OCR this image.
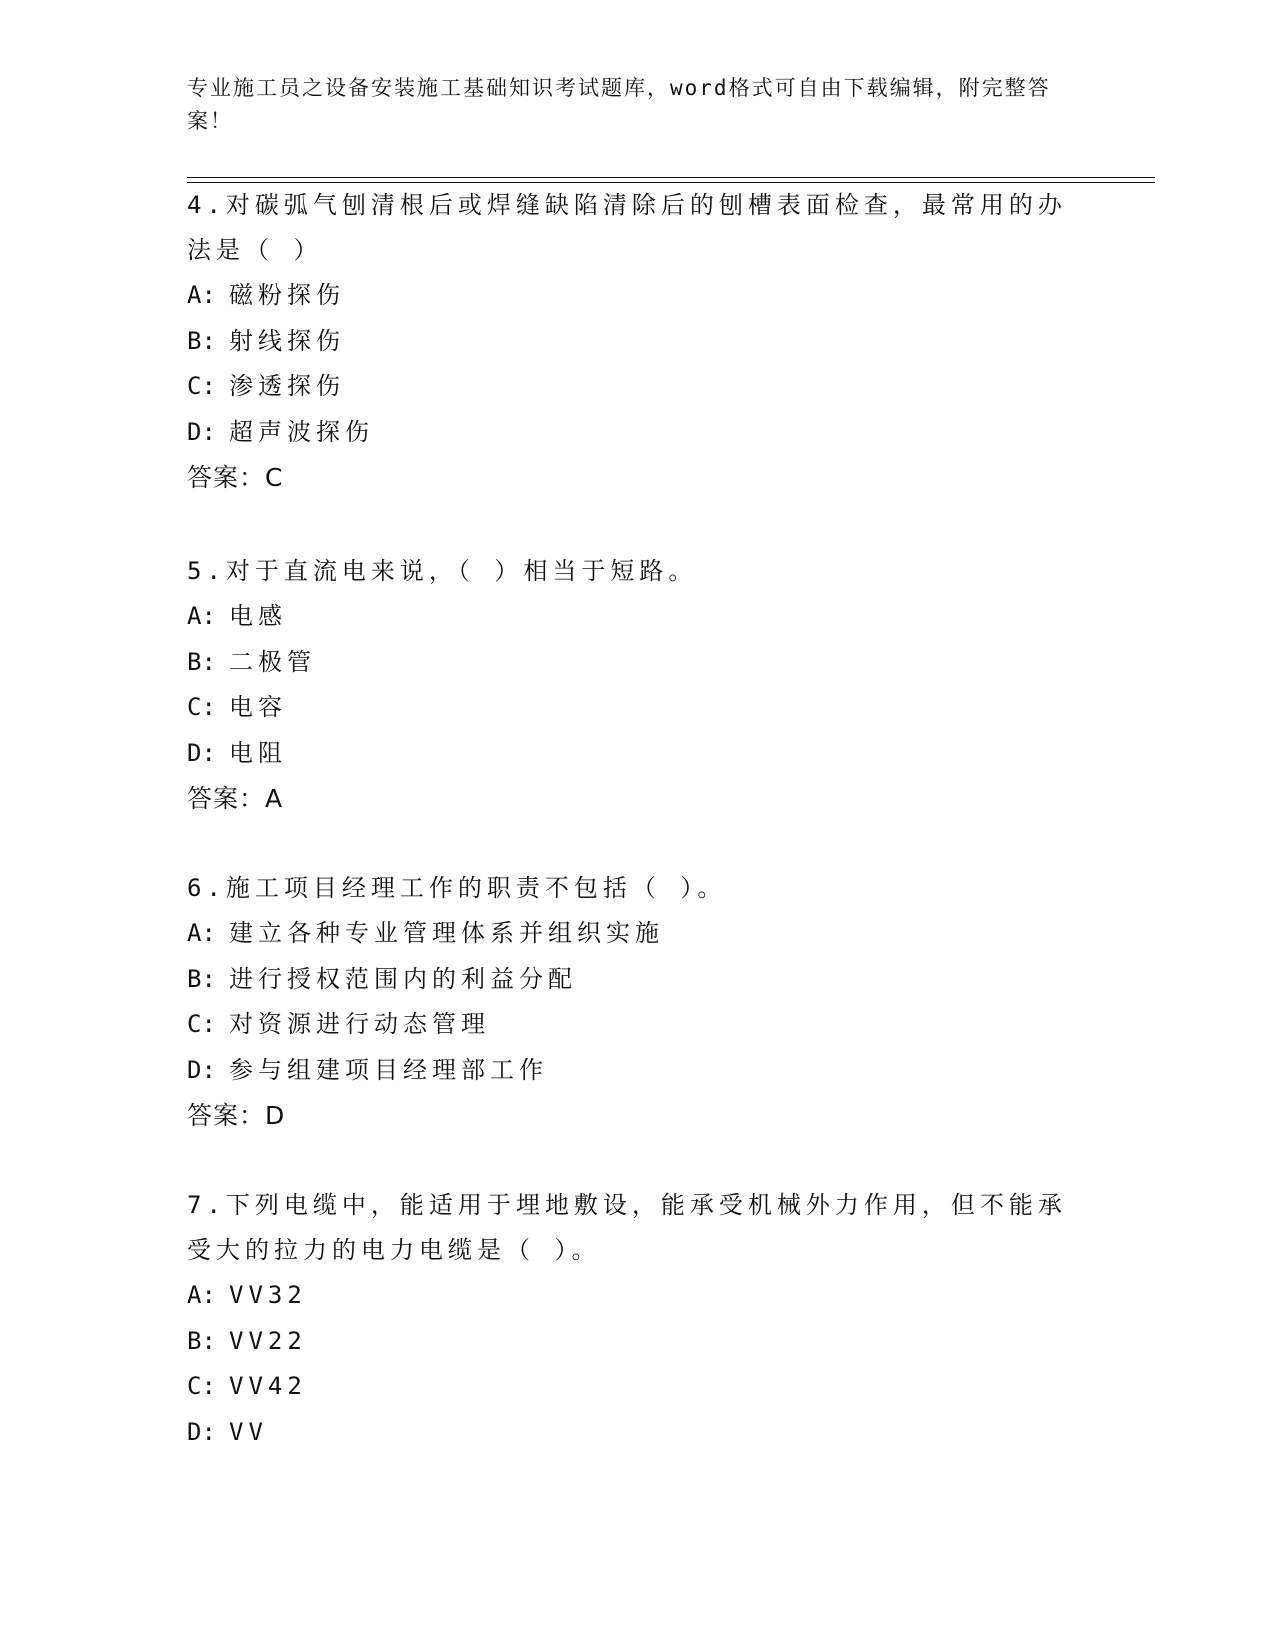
专业施工员之设备安装施工基础知识考试题库，word格式可自由下载编辑，附完整答案！

4.对碳弧气刨清根后或焊缝缺陷清除后的刨槽表面检查，最常用的办法是（ ）

A: 磁粉探伤

B: 射线探伤

C: 渗透探伤

D: 超声波探伤

答案：C

5.对于直流电来说，（ ）相当于短路。

A: 电感

B: 二极管

C: 电容

D: 电阻

答案：A

6.施工项目经理工作的职责不包括（ ）。

A: 建立各种专业管理体系并组织实施

B: 进行授权范围内的利益分配

C: 对资源进行动态管理

D: 参与组建项目经理部工作

答案：D

7.下列电缆中，能适用于埋地敷设，能承受机械外力作用，但不能承受大的拉力的电力电缆是（ ）。

A: VV32

B: VV22

C: VV42

D: VV
